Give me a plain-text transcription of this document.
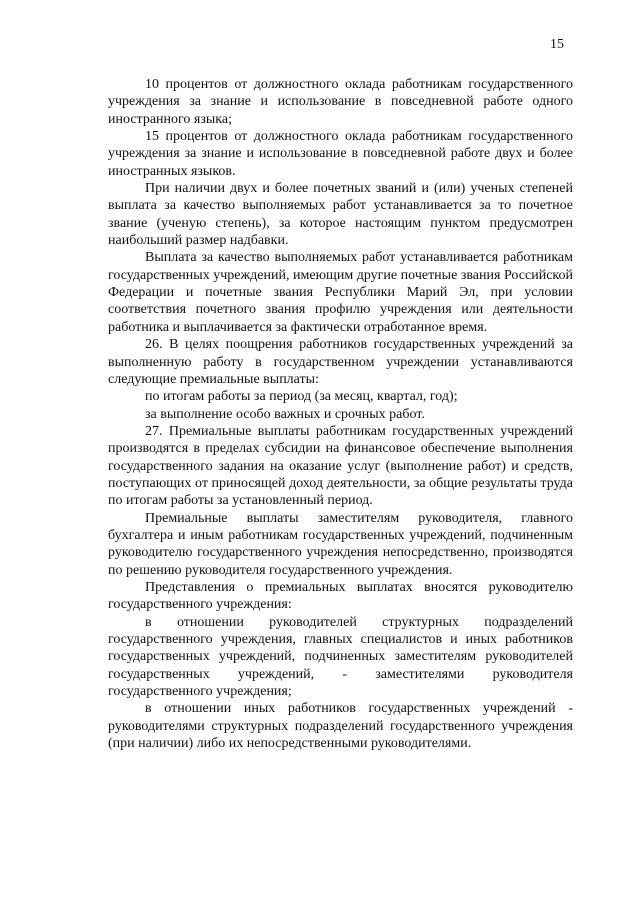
15

10 процентов от должностного оклада работникам государственного учреждения за знание и использование в повседневной работе одного иностранного языка;

15 процентов от должностного оклада работникам государственного учреждения за знание и использование в повседневной работе двух и более иностранных языков.

При наличии двух и более почетных званий и (или) ученых степеней выплата за качество выполняемых работ устанавливается за то почетное звание (ученую степень), за которое настоящим пунктом предусмотрен наибольший размер надбавки.

Выплата за качество выполняемых работ устанавливается работникам государственных учреждений, имеющим другие почетные звания Российской Федерации и почетные звания Республики Марий Эл, при условии соответствия почетного звания профилю учреждения или деятельности работника и выплачивается за фактически отработанное время.

26. В целях поощрения работников государственных учреждений за выполненную работу в государственном учреждении устанавливаются следующие премиальные выплаты:

по итогам работы за период (за месяц, квартал, год);

за выполнение особо важных и срочных работ.

27. Премиальные выплаты работникам государственных учреждений производятся в пределах субсидии на финансовое обеспечение выполнения государственного задания на оказание услуг (выполнение работ) и средств, поступающих от приносящей доход деятельности, за общие результаты труда по итогам работы за установленный период.

Премиальные выплаты заместителям руководителя, главного бухгалтера и иным работникам государственных учреждений, подчиненным руководителю государственного учреждения непосредственно, производятся по решению руководителя государственного учреждения.

Представления о премиальных выплатах вносятся руководителю государственного учреждения:

в отношении руководителей структурных подразделений государственного учреждения, главных специалистов и иных работников государственных учреждений, подчиненных заместителям руководителей государственных учреждений, - заместителями руководителя государственного учреждения;

в отношении иных работников государственных учреждений - руководителями структурных подразделений государственного учреждения (при наличии) либо их непосредственными руководителями.
